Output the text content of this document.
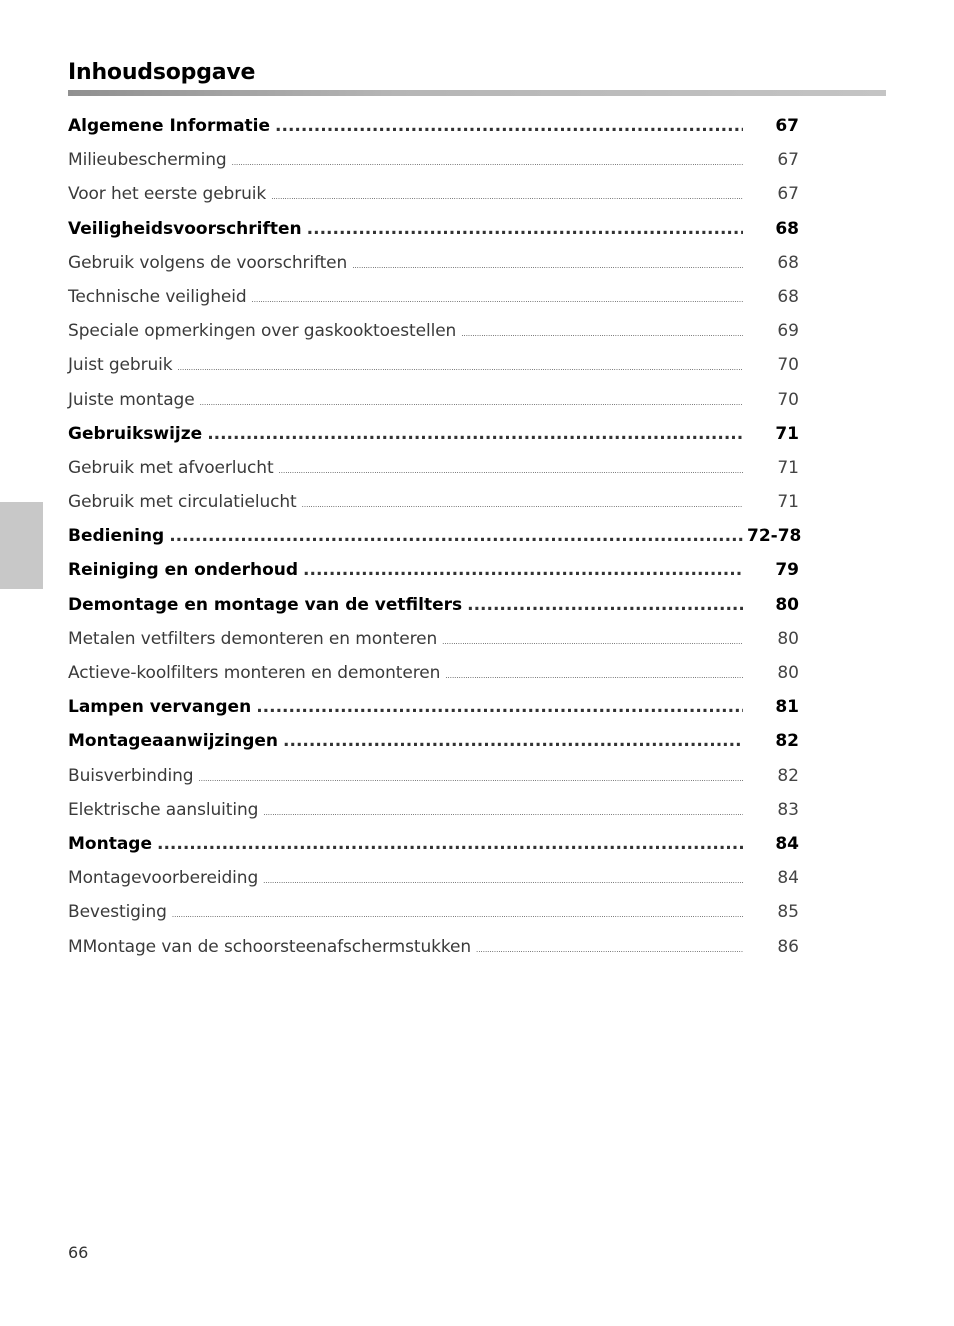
Inhoudsopgave
Algemene Informatie .....	67
Milieubescherming .....	67
Voor het eerste gebruik .....	67
Veiligheidsvoorschriften .....	68
Gebruik volgens de voorschriften .....	68
Technische veiligheid .....	68
Speciale opmerkingen over gaskooktoestellen .....	69
Juist gebruik .....	70
Juiste montage .....	70
Gebruikswijze .....	71
Gebruik met afvoerlucht .....	71
Gebruik met circulatielucht .....	71
Bediening .....	72-78
Reiniging en onderhoud .....	79
Demontage en montage van de vetfilters .....	80
Metalen vetfilters demonteren en monteren .....	80
Actieve-koolfilters monteren en demonteren .....	80
Lampen vervangen .....	81
Montageaanwijzingen .....	82
Buisverbinding .....	82
Elektrische aansluiting .....	83
Montage .....	84
Montagevoorbereiding .....	84
Bevestiging .....	85
MMontage van de schoorsteenafschermstukken .....	86
66
